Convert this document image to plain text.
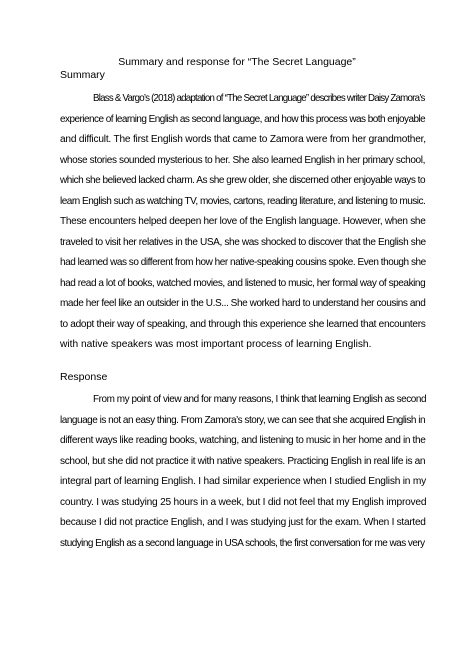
Summary and response for “The Secret Language”
Summary
Blass & Vargo’s (2018) adaptation of “The Secret Language” describes writer Daisy Zamora’s
experience of learning English as second language, and how this process was both enjoyable
and difficult. The first English words that came to Zamora were from her grandmother,
whose stories sounded mysterious to her. She also learned English in her primary school,
which she believed lacked charm. As she grew older, she discerned other enjoyable ways to
learn English such as watching TV, movies, cartons, reading literature, and listening to music.
These encounters helped deepen her love of the English language. However, when she
traveled to visit her relatives in the USA, she was shocked to discover that the English she
had learned was so different from how her native-speaking cousins spoke. Even though she
had read a lot of books, watched movies, and listened to music, her formal way of speaking
made her feel like an outsider in the U.S... She worked hard to understand her cousins and
to adopt their way of speaking, and through this experience she learned that encounters
with native speakers was most important process of learning English.
Response
From my point of view and for many reasons, I think that learning English as second
language is not an easy thing. From Zamora’s story, we can see that she acquired English in
different ways like reading books, watching, and listening to music in her home and in the
school, but she did not practice it with native speakers. Practicing English in real life is an
integral part of learning English. I had similar experience when I studied English in my
country. I was studying 25 hours in a week, but I did not feel that my English improved
because I did not practice English, and I was studying just for the exam. When I started
studying English as a second language in USA schools, the first conversation for me was very
